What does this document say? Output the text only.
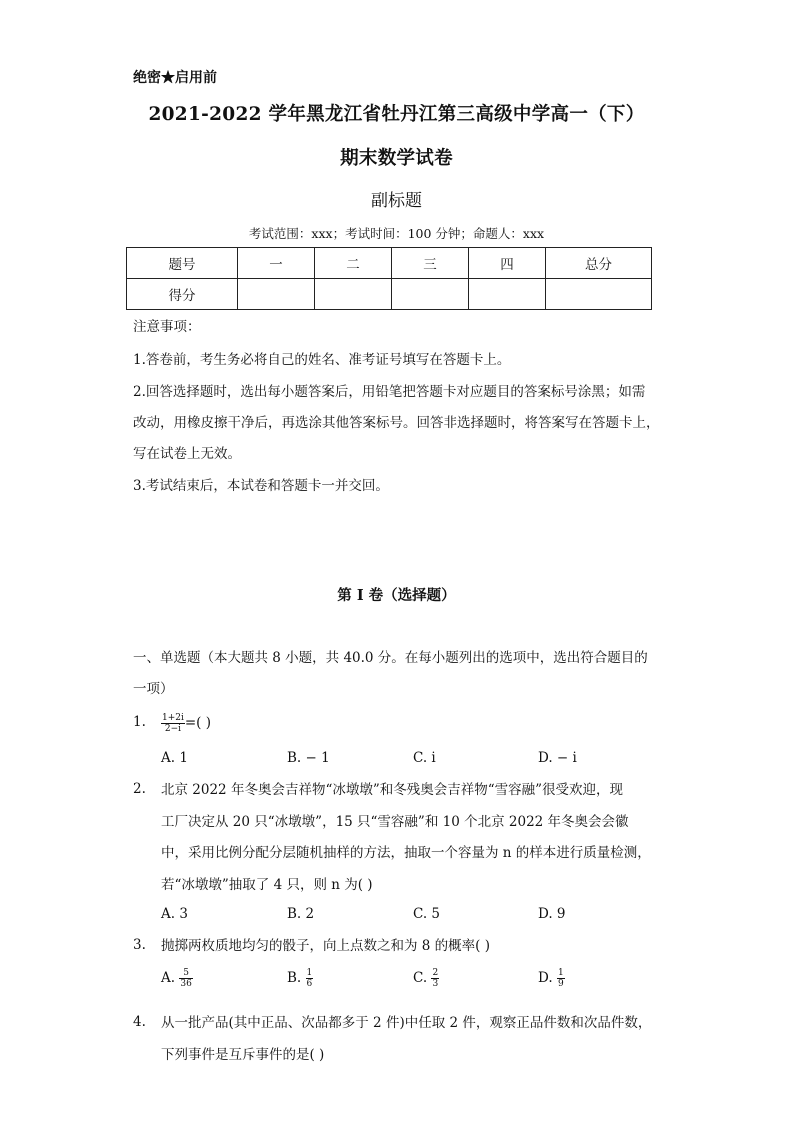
绝密★启用前
2021-2022 学年黑龙江省牡丹江第三高级中学高一（下）
期末数学试卷
副标题
考试范围：xxx；考试时间：100 分钟；命题人：xxx
题号	一	二	三	四	总分
得分					
注意事项：
1.答卷前，考生务必将自己的姓名、准考证号填写在答题卡上。
2.回答选择题时，选出每小题答案后，用铅笔把答题卡对应题目的答案标号涂黑；如需
改动，用橡皮擦干净后，再选涂其他答案标号。回答非选择题时，将答案写在答题卡上，
写在试卷上无效。
3.考试结束后，本试卷和答题卡一并交回。
第 I 卷（选择题）
一、单选题（本大题共 8 小题，共 40.0 分。在每小题列出的选项中，选出符合题目的
一项）
1. $\frac{1+2i}{2-i}$ =( )
A. 1	B. − 1	C. i	D. − i
2. 北京 2022 年冬奥会吉祥物“冰墩墩”和冬残奥会吉祥物“雪容融”很受欢迎，现
工厂决定从 20 只“冰墩墩”，15 只“雪容融”和 10 个北京 2022 年冬奥会会徽
中，采用比例分配分层随机抽样的方法，抽取一个容量为 n 的样本进行质量检测，
若“冰墩墩”抽取了 4 只，则 n 为( )
A. 3	B. 2	C. 5	D. 9
3. 抛掷两枚质地均匀的骰子，向上点数之和为 8 的概率( )
A. $\frac{5}{36}$	B. $\frac{1}{6}$	C. $\frac{2}{3}$	D. $\frac{1}{9}$
4. 从一批产品(其中正品、次品都多于 2 件)中任取 2 件，观察正品件数和次品件数，
下列事件是互斥事件的是( )
